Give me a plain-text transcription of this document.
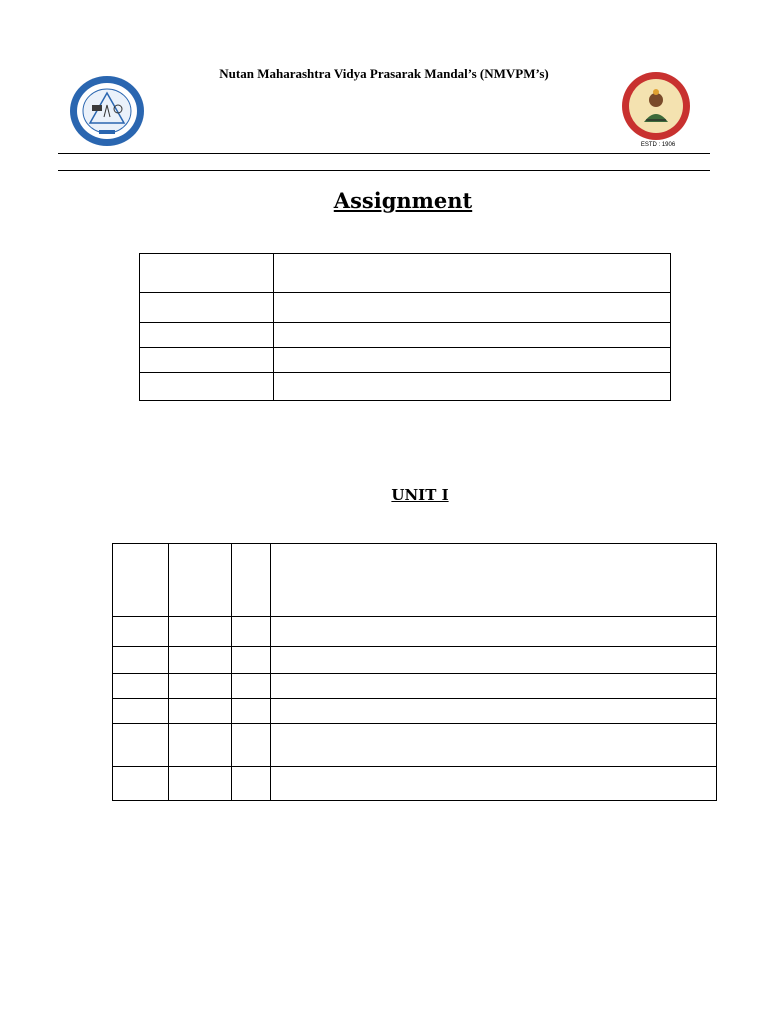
Nutan Maharashtra Vidya Prasarak Mandal’s (NMVPM’s)
ESTD : 1906
Assignment

UNIT I
